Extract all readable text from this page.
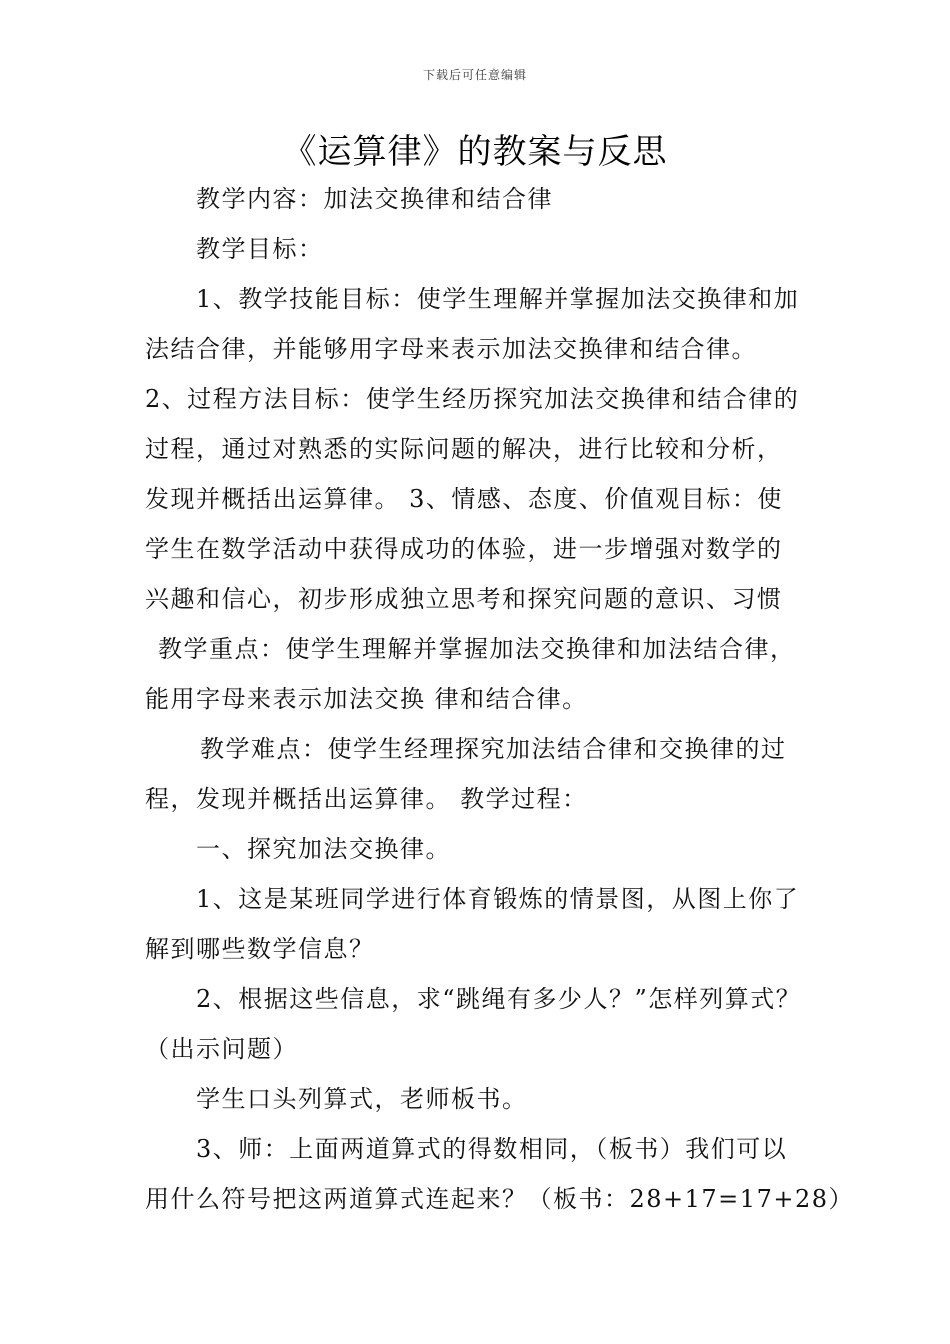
下载后可任意编辑
《运算律》的教案与反思
教学内容：加法交换律和结合律
教学目标：
1、教学技能目标：使学生理解并掌握加法交换律和加
法结合律，并能够用字母来表示加法交换律和结合律。
2、过程方法目标：使学生经历探究加法交换律和结合律的
过程，通过对熟悉的实际问题的解决，进行比较和分析，
发现并概括出运算律。 3、情感、态度、价值观目标：使
学生在数学活动中获得成功的体验，进一步增强对数学的
兴趣和信心，初步形成独立思考和探究问题的意识、习惯
教学重点：使学生理解并掌握加法交换律和加法结合律，
能用字母来表示加法交换 律和结合律。
教学难点：使学生经理探究加法结合律和交换律的过
程，发现并概括出运算律。 教学过程：
一、探究加法交换律。
1、这是某班同学进行体育锻炼的情景图，从图上你了
解到哪些数学信息？
2、根据这些信息，求“跳绳有多少人？”怎样列算式？
（出示问题）
学生口头列算式，老师板书。
3、师：上面两道算式的得数相同，（板书）我们可以
用什么符号把这两道算式连起来？（板书：28+17=17+28）
